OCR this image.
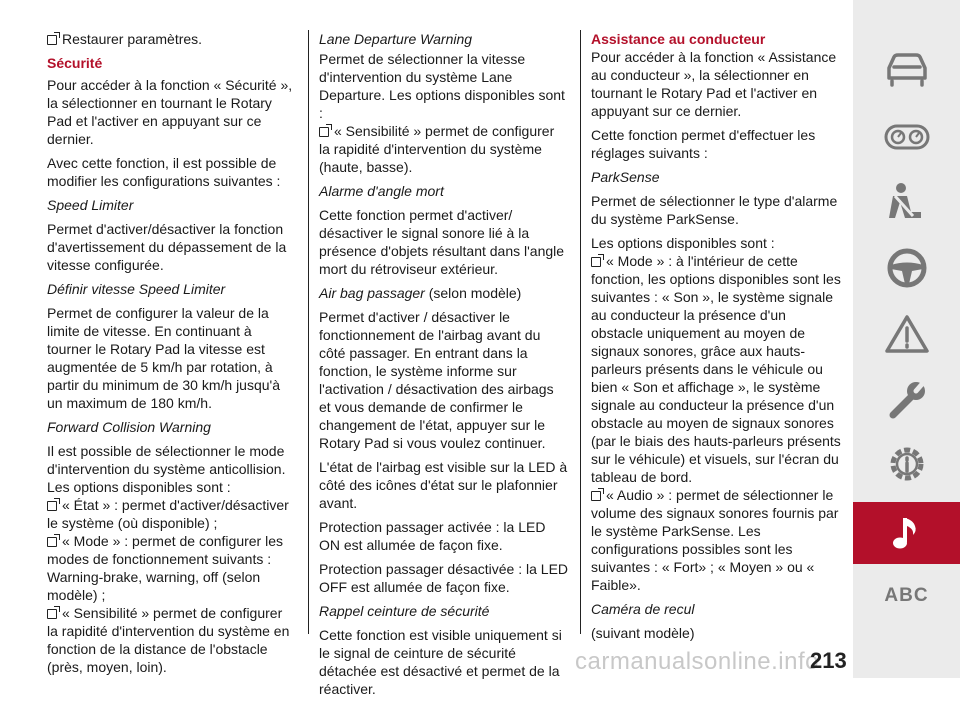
Restaurer paramètres.

Sécurité

Pour accéder à la fonction « Sécurité », la sélectionner en tournant le Rotary Pad et l'activer en appuyant sur ce dernier.

Avec cette fonction, il est possible de modifier les configurations suivantes :

Speed Limiter

Permet d'activer/désactiver la fonction d'avertissement du dépassement de la vitesse configurée.

Définir vitesse Speed Limiter

Permet de configurer la valeur de la limite de vitesse. En continuant à tourner le Rotary Pad la vitesse est augmentée de 5 km/h par rotation, à partir du minimum de 30 km/h jusqu'à un maximum de 180 km/h.

Forward Collision Warning

Il est possible de sélectionner le mode d'intervention du système anticollision. Les options disponibles sont :

« État » : permet d'activer/désactiver le système (où disponible) ;

« Mode » : permet de configurer les modes de fonctionnement suivants : Warning-brake, warning, off (selon modèle) ;

« Sensibilité » permet de configurer la rapidité d'intervention du système en fonction de la distance de l'obstacle (près, moyen, loin).

Lane Departure Warning

Permet de sélectionner la vitesse d'intervention du système Lane Departure. Les options disponibles sont :

« Sensibilité » permet de configurer la rapidité d'intervention du système (haute, basse).

Alarme d'angle mort

Cette fonction permet d'activer/ désactiver le signal sonore lié à la présence d'objets résultant dans l'angle mort du rétroviseur extérieur.

Air bag passager (selon modèle)

Permet d'activer / désactiver le fonctionnement de l'airbag avant du côté passager. En entrant dans la fonction, le système informe sur l'activation / désactivation des airbags et vous demande de confirmer le changement de l'état, appuyer sur le Rotary Pad si vous voulez continuer.

L'état de l'airbag est visible sur la LED à côté des icônes d'état sur le plafonnier avant.

Protection passager activée : la LED ON est allumée de façon fixe.

Protection passager désactivée : la LED OFF est allumée de façon fixe.

Rappel ceinture de sécurité

Cette fonction est visible uniquement si le signal de ceinture de sécurité détachée est désactivé et permet de la réactiver.

Assistance au conducteur

Pour accéder à la fonction « Assistance au conducteur », la sélectionner en tournant le Rotary Pad et l'activer en appuyant sur ce dernier.

Cette fonction permet d'effectuer les réglages suivants :

ParkSense

Permet de sélectionner le type d'alarme du système ParkSense.

Les options disponibles sont :

« Mode » : à l'intérieur de cette fonction, les options disponibles sont les suivantes : « Son », le système signale au conducteur la présence d'un obstacle uniquement au moyen de signaux sonores, grâce aux hauts-parleurs présents dans le véhicule ou bien « Son et affichage », le système signale au conducteur la présence d'un obstacle au moyen de signaux sonores (par le biais des hauts-parleurs présents sur le véhicule) et visuels, sur l'écran du tableau de bord.

« Audio » : permet de sélectionner le volume des signaux sonores fournis par le système ParkSense. Les configurations possibles sont les suivantes : « Fort» ; « Moyen » ou « Faible».

Caméra de recul

(suivant modèle)

ABC
carmanualsonline.info
213
